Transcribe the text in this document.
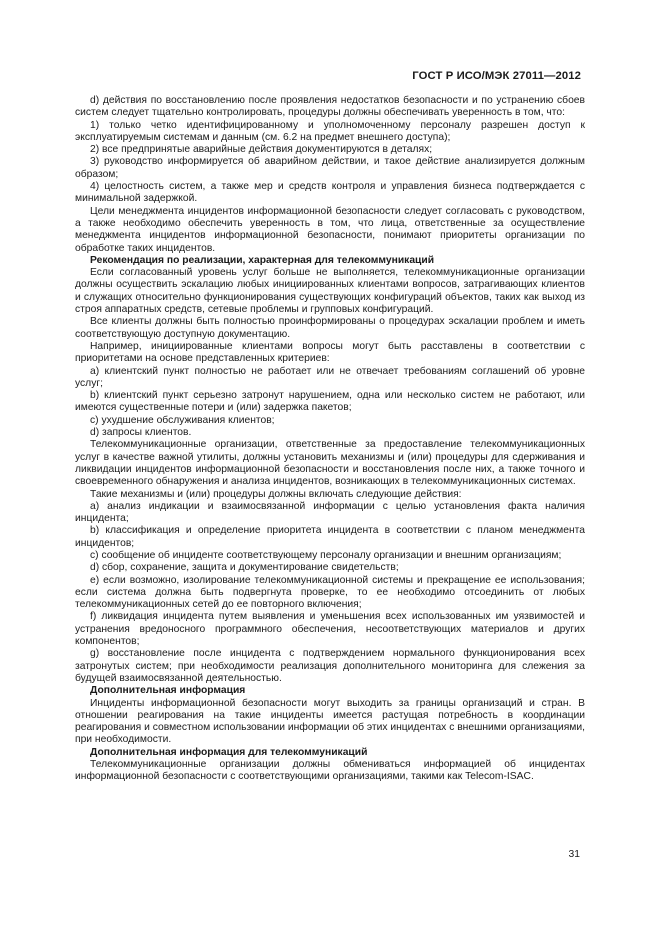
ГОСТ Р ИСО/МЭК 27011—2012

d) действия по восстановлению после проявления недостатков безопасности и по устранению сбоев систем следует тщательно контролировать, процедуры должны обеспечивать уверенность в том, что:

1) только четко идентифицированному и уполномоченному персоналу разрешен доступ к эксплуатируемым системам и данным (см. 6.2 на предмет внешнего доступа);

2) все предпринятые аварийные действия документируются в деталях;

3) руководство информируется об аварийном действии, и такое действие анализируется должным образом;

4) целостность систем, а также мер и средств контроля и управления бизнеса подтверждается с минимальной задержкой.

Цели менеджмента инцидентов информационной безопасности следует согласовать с руководством, а также необходимо обеспечить уверенность в том, что лица, ответственные за осуществление менеджмента инцидентов информационной безопасности, понимают приоритеты организации по обработке таких инцидентов.

Рекомендация по реализации, характерная для телекоммуникаций

Если согласованный уровень услуг больше не выполняется, телекоммуникационные организации должны осуществить эскалацию любых инициированных клиентами вопросов, затрагивающих клиентов и служащих относительно функционирования существующих конфигураций объектов, таких как выход из строя аппаратных средств, сетевые проблемы и групповых конфигураций.

Все клиенты должны быть полностью проинформированы о процедурах эскалации проблем и иметь соответствующую доступную документацию.

Например, инициированные клиентами вопросы могут быть расставлены в соответствии с приоритетами на основе представленных критериев:

а) клиентский пункт полностью не работает или не отвечает требованиям соглашений об уровне услуг;

b) клиентский пункт серьезно затронут нарушением, одна или несколько систем не работают, или имеются существенные потери и (или) задержка пакетов;

c) ухудшение обслуживания клиентов;

d) запросы клиентов.

Телекоммуникационные организации, ответственные за предоставление телекоммуникационных услуг в качестве важной утилиты, должны установить механизмы и (или) процедуры для сдерживания и ликвидации инцидентов информационной безопасности и восстановления после них, а также точного и своевременного обнаружения и анализа инцидентов, возникающих в телекоммуникационных системах.

Такие механизмы и (или) процедуры должны включать следующие действия:

а) анализ индикации и взаимосвязанной информации с целью установления факта наличия инцидента;

b) классификация и определение приоритета инцидента в соответствии с планом менеджмента инцидентов;

c) сообщение об инциденте соответствующему персоналу организации и внешним организациям;

d) сбор, сохранение, защита и документирование свидетельств;

e) если возможно, изолирование телекоммуникационной системы и прекращение ее использования; если система должна быть подвергнута проверке, то ее необходимо отсоединить от любых телекоммуникационных сетей до ее повторного включения;

f) ликвидация инцидента путем выявления и уменьшения всех использованных им уязвимостей и устранения вредоносного программного обеспечения, несоответствующих материалов и других компонентов;

g) восстановление после инцидента с подтверждением нормального функционирования всех затронутых систем; при необходимости реализация дополнительного мониторинга для слежения за будущей взаимосвязанной деятельностью.

Дополнительная информация

Инциденты информационной безопасности могут выходить за границы организаций и стран. В отношении реагирования на такие инциденты имеется растущая потребность в координации реагирования и совместном использовании информации об этих инцидентах с внешними организациями, при необходимости.

Дополнительная информация для телекоммуникаций

Телекоммуникационные организации должны обмениваться информацией об инцидентах информационной безопасности с соответствующими организациями, такими как Telecom-ISAC.

31
